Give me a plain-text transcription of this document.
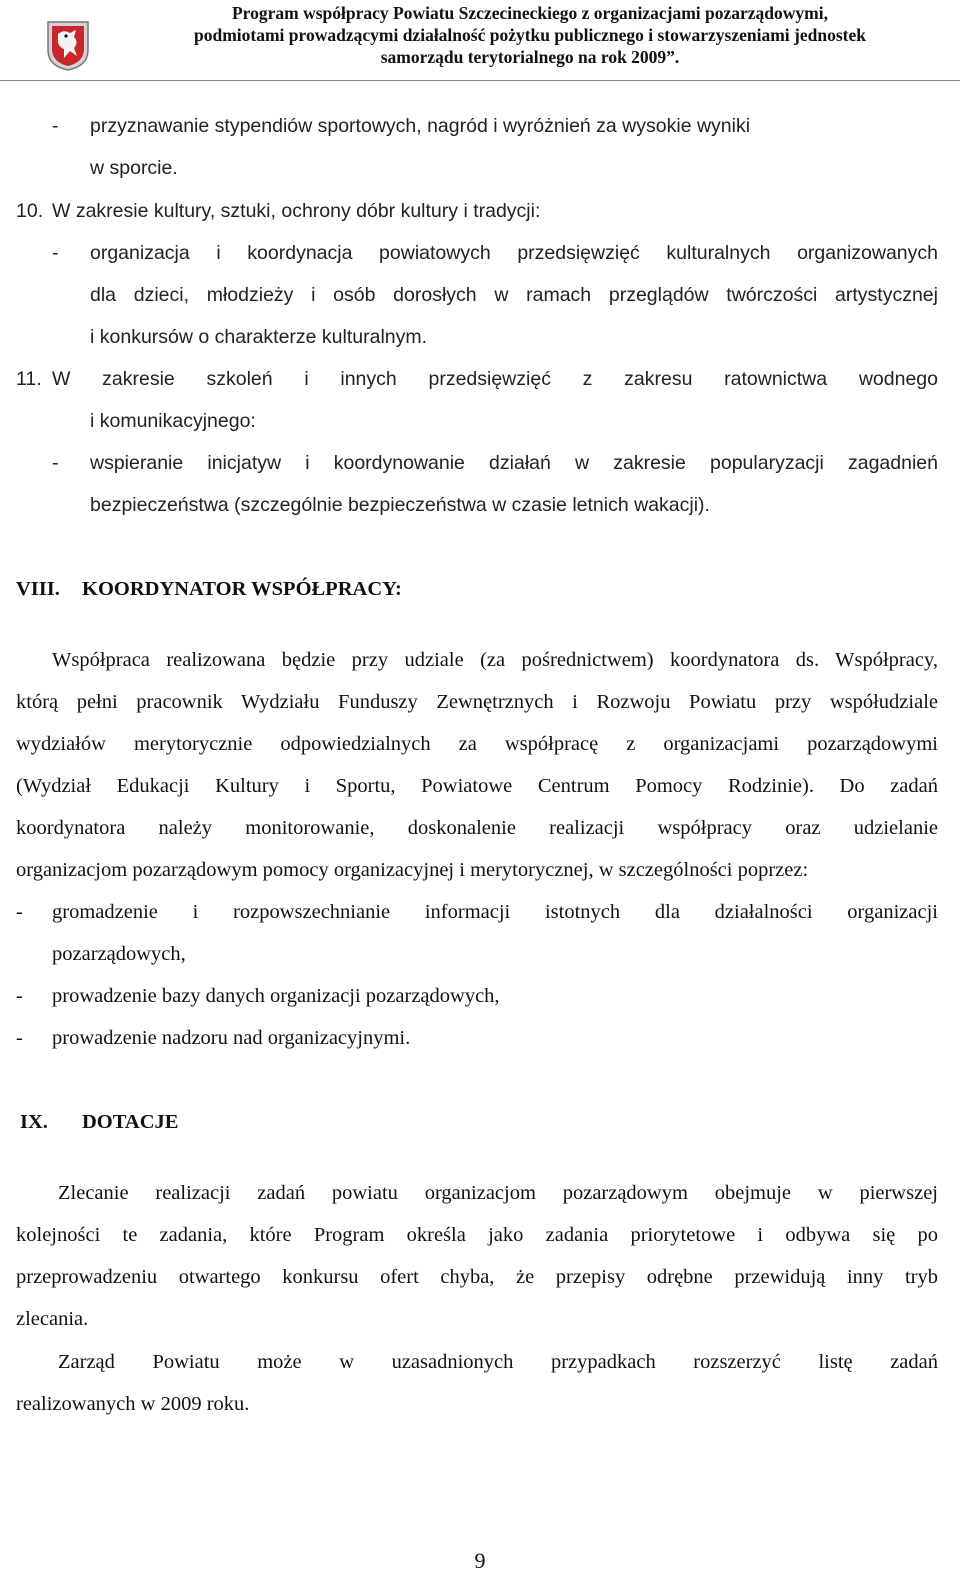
Program współpracy Powiatu Szczecineckiego z organizacjami pozarządowymi,
podmiotami prowadzącymi działalność pożytku publicznego i stowarzyszeniami jednostek
samorządu terytorialnego na rok 2009”.
- przyznawanie stypendiów sportowych, nagród i wyróżnień za wysokie wyniki
w sporcie.
10. W zakresie kultury, sztuki, ochrony dóbr kultury i tradycji:
- organizacja i koordynacja powiatowych przedsięwzięć kulturalnych organizowanych
dla dzieci, młodzieży i osób dorosłych w ramach przeglądów twórczości artystycznej
i konkursów o charakterze kulturalnym.
11. W zakresie szkoleń i innych przedsięwzięć z zakresu ratownictwa wodnego
i komunikacyjnego:
- wspieranie inicjatyw i koordynowanie działań w zakresie popularyzacji zagadnień
bezpieczeństwa (szczególnie bezpieczeństwa w czasie letnich wakacji).
VIII. KOORDYNATOR WSPÓŁPRACY:
Współpraca realizowana będzie przy udziale (za pośrednictwem) koordynatora ds. Współpracy,
którą pełni pracownik Wydziału Funduszy Zewnętrznych i Rozwoju Powiatu przy współudziale
wydziałów merytorycznie odpowiedzialnych za współpracę z organizacjami pozarządowymi
(Wydział Edukacji Kultury i Sportu, Powiatowe Centrum Pomocy Rodzinie). Do zadań
koordynatora należy monitorowanie, doskonalenie realizacji współpracy oraz udzielanie
organizacjom pozarządowym pomocy organizacyjnej i merytorycznej, w szczególności poprzez:
- gromadzenie i rozpowszechnianie informacji istotnych dla działalności organizacji
pozarządowych,
- prowadzenie bazy danych organizacji pozarządowych,
- prowadzenie nadzoru nad organizacyjnymi.
IX. DOTACJE
Zlecanie realizacji zadań powiatu organizacjom pozarządowym obejmuje w pierwszej
kolejności te zadania, które Program określa jako zadania priorytetowe i odbywa się po
przeprowadzeniu otwartego konkursu ofert chyba, że przepisy odrębne przewidują inny tryb
zlecania.
Zarząd Powiatu może w uzasadnionych przypadkach rozszerzyć listę zadań
realizowanych w 2009 roku.
9
